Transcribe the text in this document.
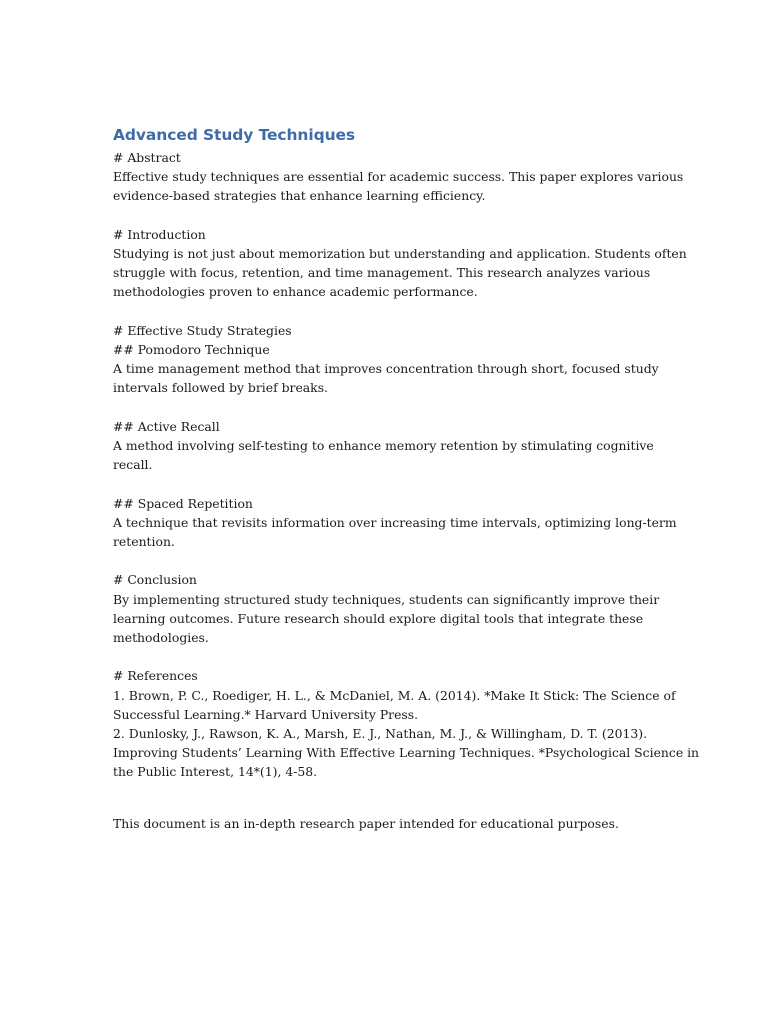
Advanced Study Techniques
# Abstract
Effective study techniques are essential for academic success. This paper explores various
evidence-based strategies that enhance learning efficiency.
# Introduction
Studying is not just about memorization but understanding and application. Students often
struggle with focus, retention, and time management. This research analyzes various
methodologies proven to enhance academic performance.
# Effective Study Strategies
## Pomodoro Technique
A time management method that improves concentration through short, focused study
intervals followed by brief breaks.
## Active Recall
A method involving self-testing to enhance memory retention by stimulating cognitive
recall.
## Spaced Repetition
A technique that revisits information over increasing time intervals, optimizing long-term
retention.
# Conclusion
By implementing structured study techniques, students can significantly improve their
learning outcomes. Future research should explore digital tools that integrate these
methodologies.
# References
1. Brown, P. C., Roediger, H. L., & McDaniel, M. A. (2014). *Make It Stick: The Science of
Successful Learning.* Harvard University Press.
2. Dunlosky, J., Rawson, K. A., Marsh, E. J., Nathan, M. J., & Willingham, D. T. (2013).
Improving Students’ Learning With Effective Learning Techniques. *Psychological Science in
the Public Interest, 14*(1), 4-58.
This document is an in-depth research paper intended for educational purposes.
